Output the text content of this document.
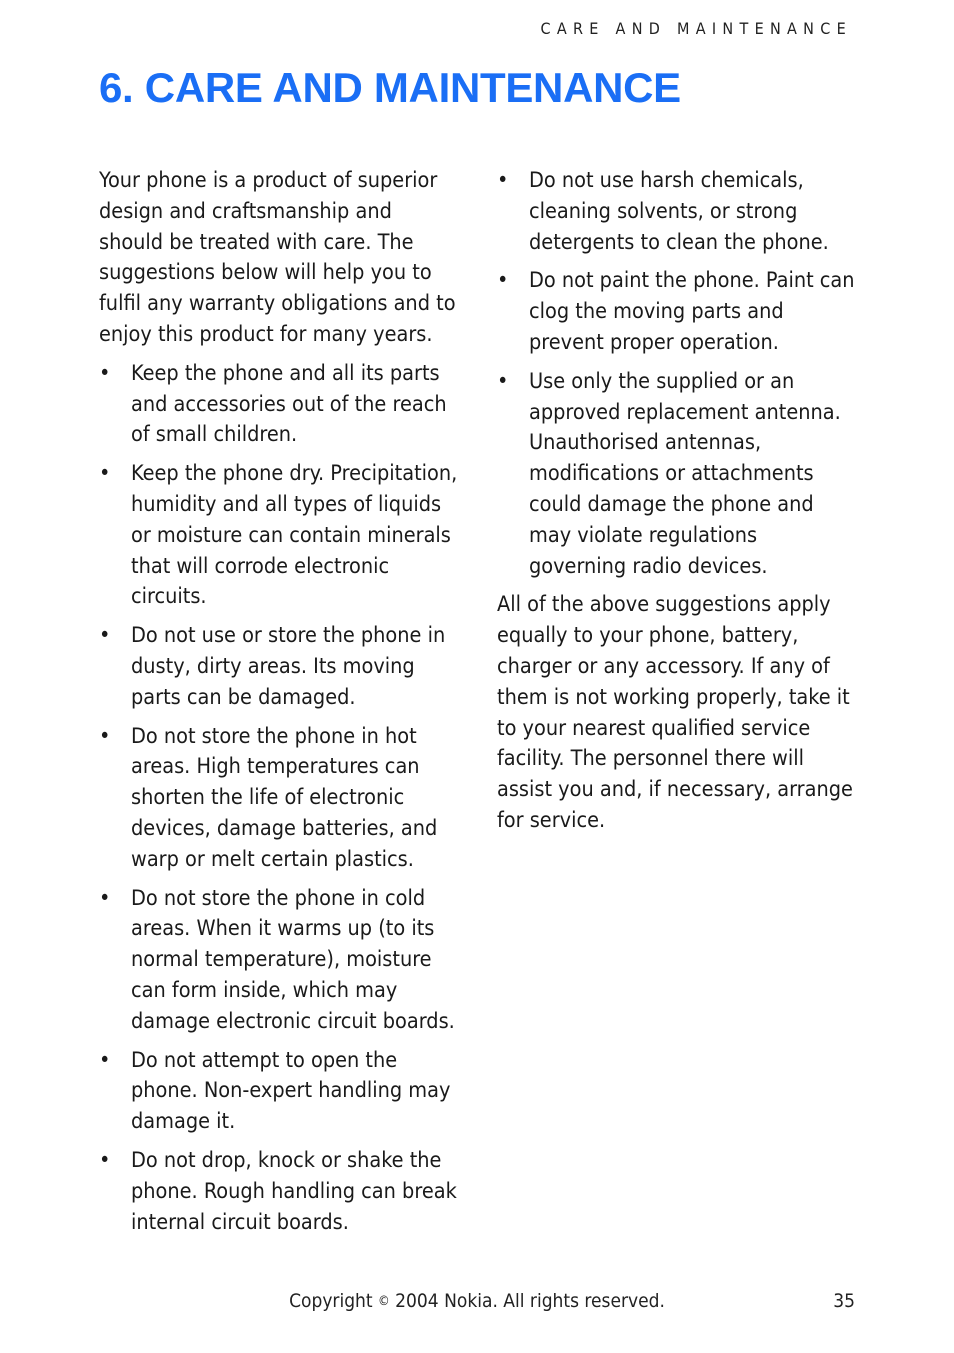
CARE AND MAINTENANCE
6. CARE AND MAINTENANCE

Your phone is a product of superior design and craftsmanship and should be treated with care. The suggestions below will help you to fulfil any warranty obligations and to enjoy this product for many years.

• Keep the phone and all its parts and accessories out of the reach of small children.
• Keep the phone dry. Precipitation, humidity and all types of liquids or moisture can contain minerals that will corrode electronic circuits.
• Do not use or store the phone in dusty, dirty areas. Its moving parts can be damaged.
• Do not store the phone in hot areas. High temperatures can shorten the life of electronic devices, damage batteries, and warp or melt certain plastics.
• Do not store the phone in cold areas. When it warms up (to its normal temperature), moisture can form inside, which may damage electronic circuit boards.
• Do not attempt to open the phone. Non-expert handling may damage it.
• Do not drop, knock or shake the phone. Rough handling can break internal circuit boards.
• Do not use harsh chemicals, cleaning solvents, or strong detergents to clean the phone.
• Do not paint the phone. Paint can clog the moving parts and prevent proper operation.
• Use only the supplied or an approved replacement antenna. Unauthorised antennas, modifications or attachments could damage the phone and may violate regulations governing radio devices.

All of the above suggestions apply equally to your phone, battery, charger or any accessory. If any of them is not working properly, take it to your nearest qualified service facility. The personnel there will assist you and, if necessary, arrange for service.

Copyright © 2004 Nokia. All rights reserved.	35
